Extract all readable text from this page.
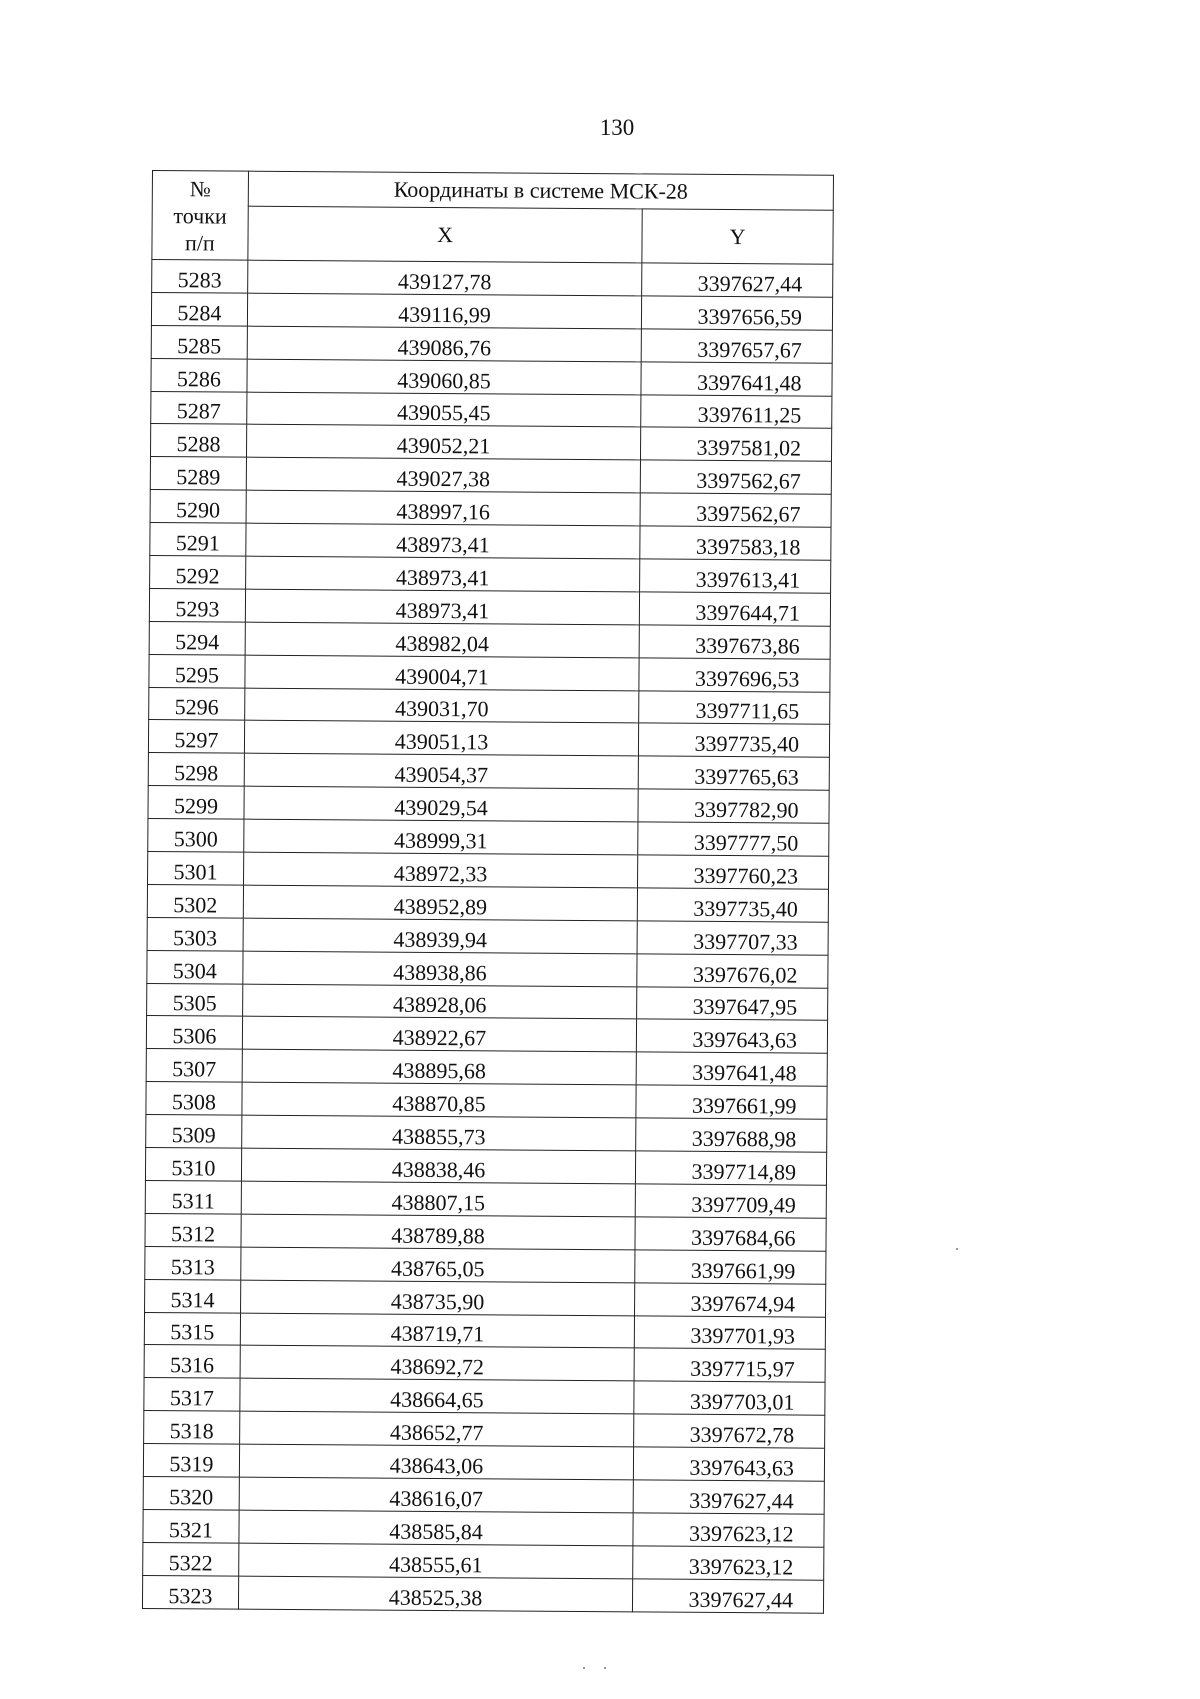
130
№
точки
п/п	Координаты в системе МСК-28	
	X	Y
5283	439127,78	3397627,44
5284	439116,99	3397656,59
5285	439086,76	3397657,67
5286	439060,85	3397641,48
5287	439055,45	3397611,25
5288	439052,21	3397581,02
5289	439027,38	3397562,67
5290	438997,16	3397562,67
5291	438973,41	3397583,18
5292	438973,41	3397613,41
5293	438973,41	3397644,71
5294	438982,04	3397673,86
5295	439004,71	3397696,53
5296	439031,70	3397711,65
5297	439051,13	3397735,40
5298	439054,37	3397765,63
5299	439029,54	3397782,90
5300	438999,31	3397777,50
5301	438972,33	3397760,23
5302	438952,89	3397735,40
5303	438939,94	3397707,33
5304	438938,86	3397676,02
5305	438928,06	3397647,95
5306	438922,67	3397643,63
5307	438895,68	3397641,48
5308	438870,85	3397661,99
5309	438855,73	3397688,98
5310	438838,46	3397714,89
5311	438807,15	3397709,49
5312	438789,88	3397684,66
5313	438765,05	3397661,99
5314	438735,90	3397674,94
5315	438719,71	3397701,93
5316	438692,72	3397715,97
5317	438664,65	3397703,01
5318	438652,77	3397672,78
5319	438643,06	3397643,63
5320	438616,07	3397627,44
5321	438585,84	3397623,12
5322	438555,61	3397623,12
5323	438525,38	3397627,44
